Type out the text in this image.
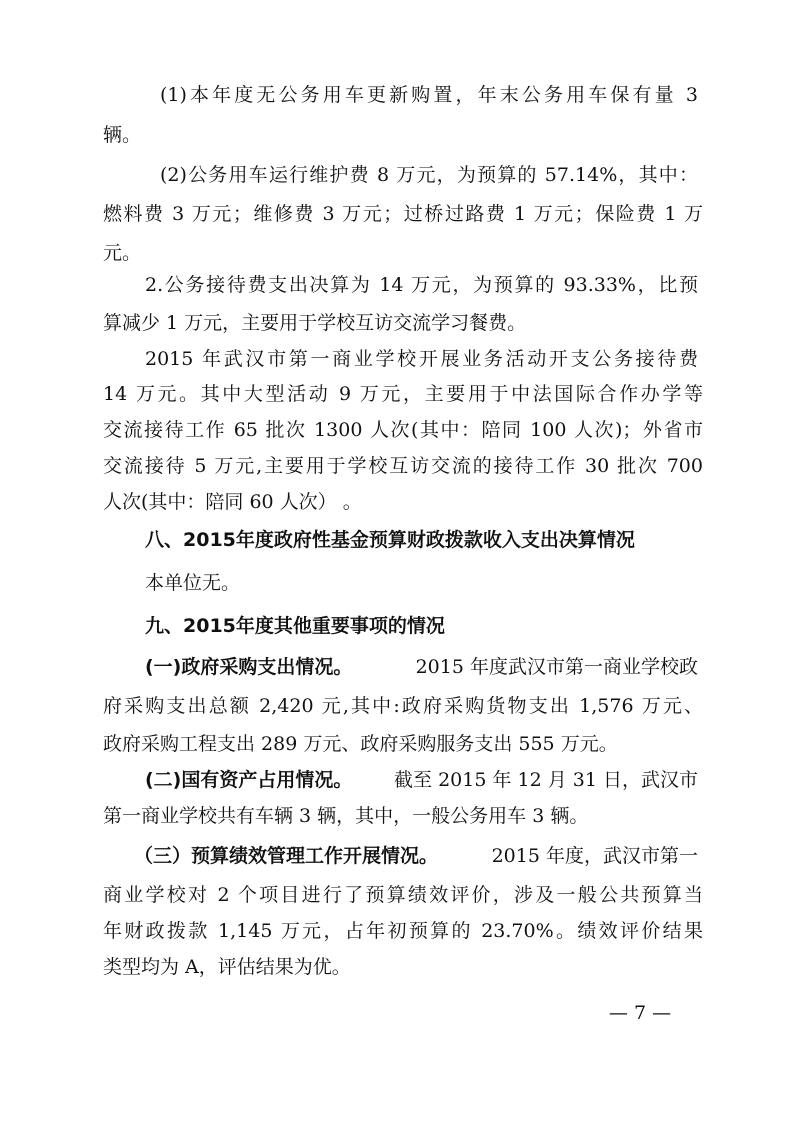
(1)本年度无公务用车更新购置，年末公务用车保有量 3
辆。
(2)公务用车运行维护费 8 万元，为预算的 57.14%，其中：
燃料费 3 万元；维修费 3 万元；过桥过路费 1 万元；保险费 1 万
元。
2.公务接待费支出决算为 14 万元，为预算的 93.33%，比预
算减少 1 万元，主要用于学校互访交流学习餐费。
2015 年武汉市第一商业学校开展业务活动开支公务接待费
14 万元。其中大型活动 9 万元，主要用于中法国际合作办学等
交流接待工作 65 批次 1300 人次(其中：陪同 100 人次)；外省市
交流接待 5 万元,主要用于学校互访交流的接待工作 30 批次 700
人次(其中：陪同 60 人次） 。
八、2015年度政府性基金预算财政拨款收入支出决算情况
本单位无。
九、2015年度其他重要事项的情况
(一)政府采购支出情况。	2015 年度武汉市第一商业学校政
府采购支出总额 2,420 元,其中:政府采购货物支出 1,576 万元、
政府采购工程支出 289 万元、政府采购服务支出 555 万元。
(二)国有资产占用情况。 截至 2015 年 12 月 31 日，武汉市
第一商业学校共有车辆 3 辆，其中，一般公务用车 3 辆。
（三）预算绩效管理工作开展情况。	2015 年度，武汉市第一
商业学校对 2 个项目进行了预算绩效评价，涉及一般公共预算当
年财政拨款 1,145 万元，占年初预算的 23.70%。绩效评价结果
类型均为 A，评估结果为优。
— 7 —
